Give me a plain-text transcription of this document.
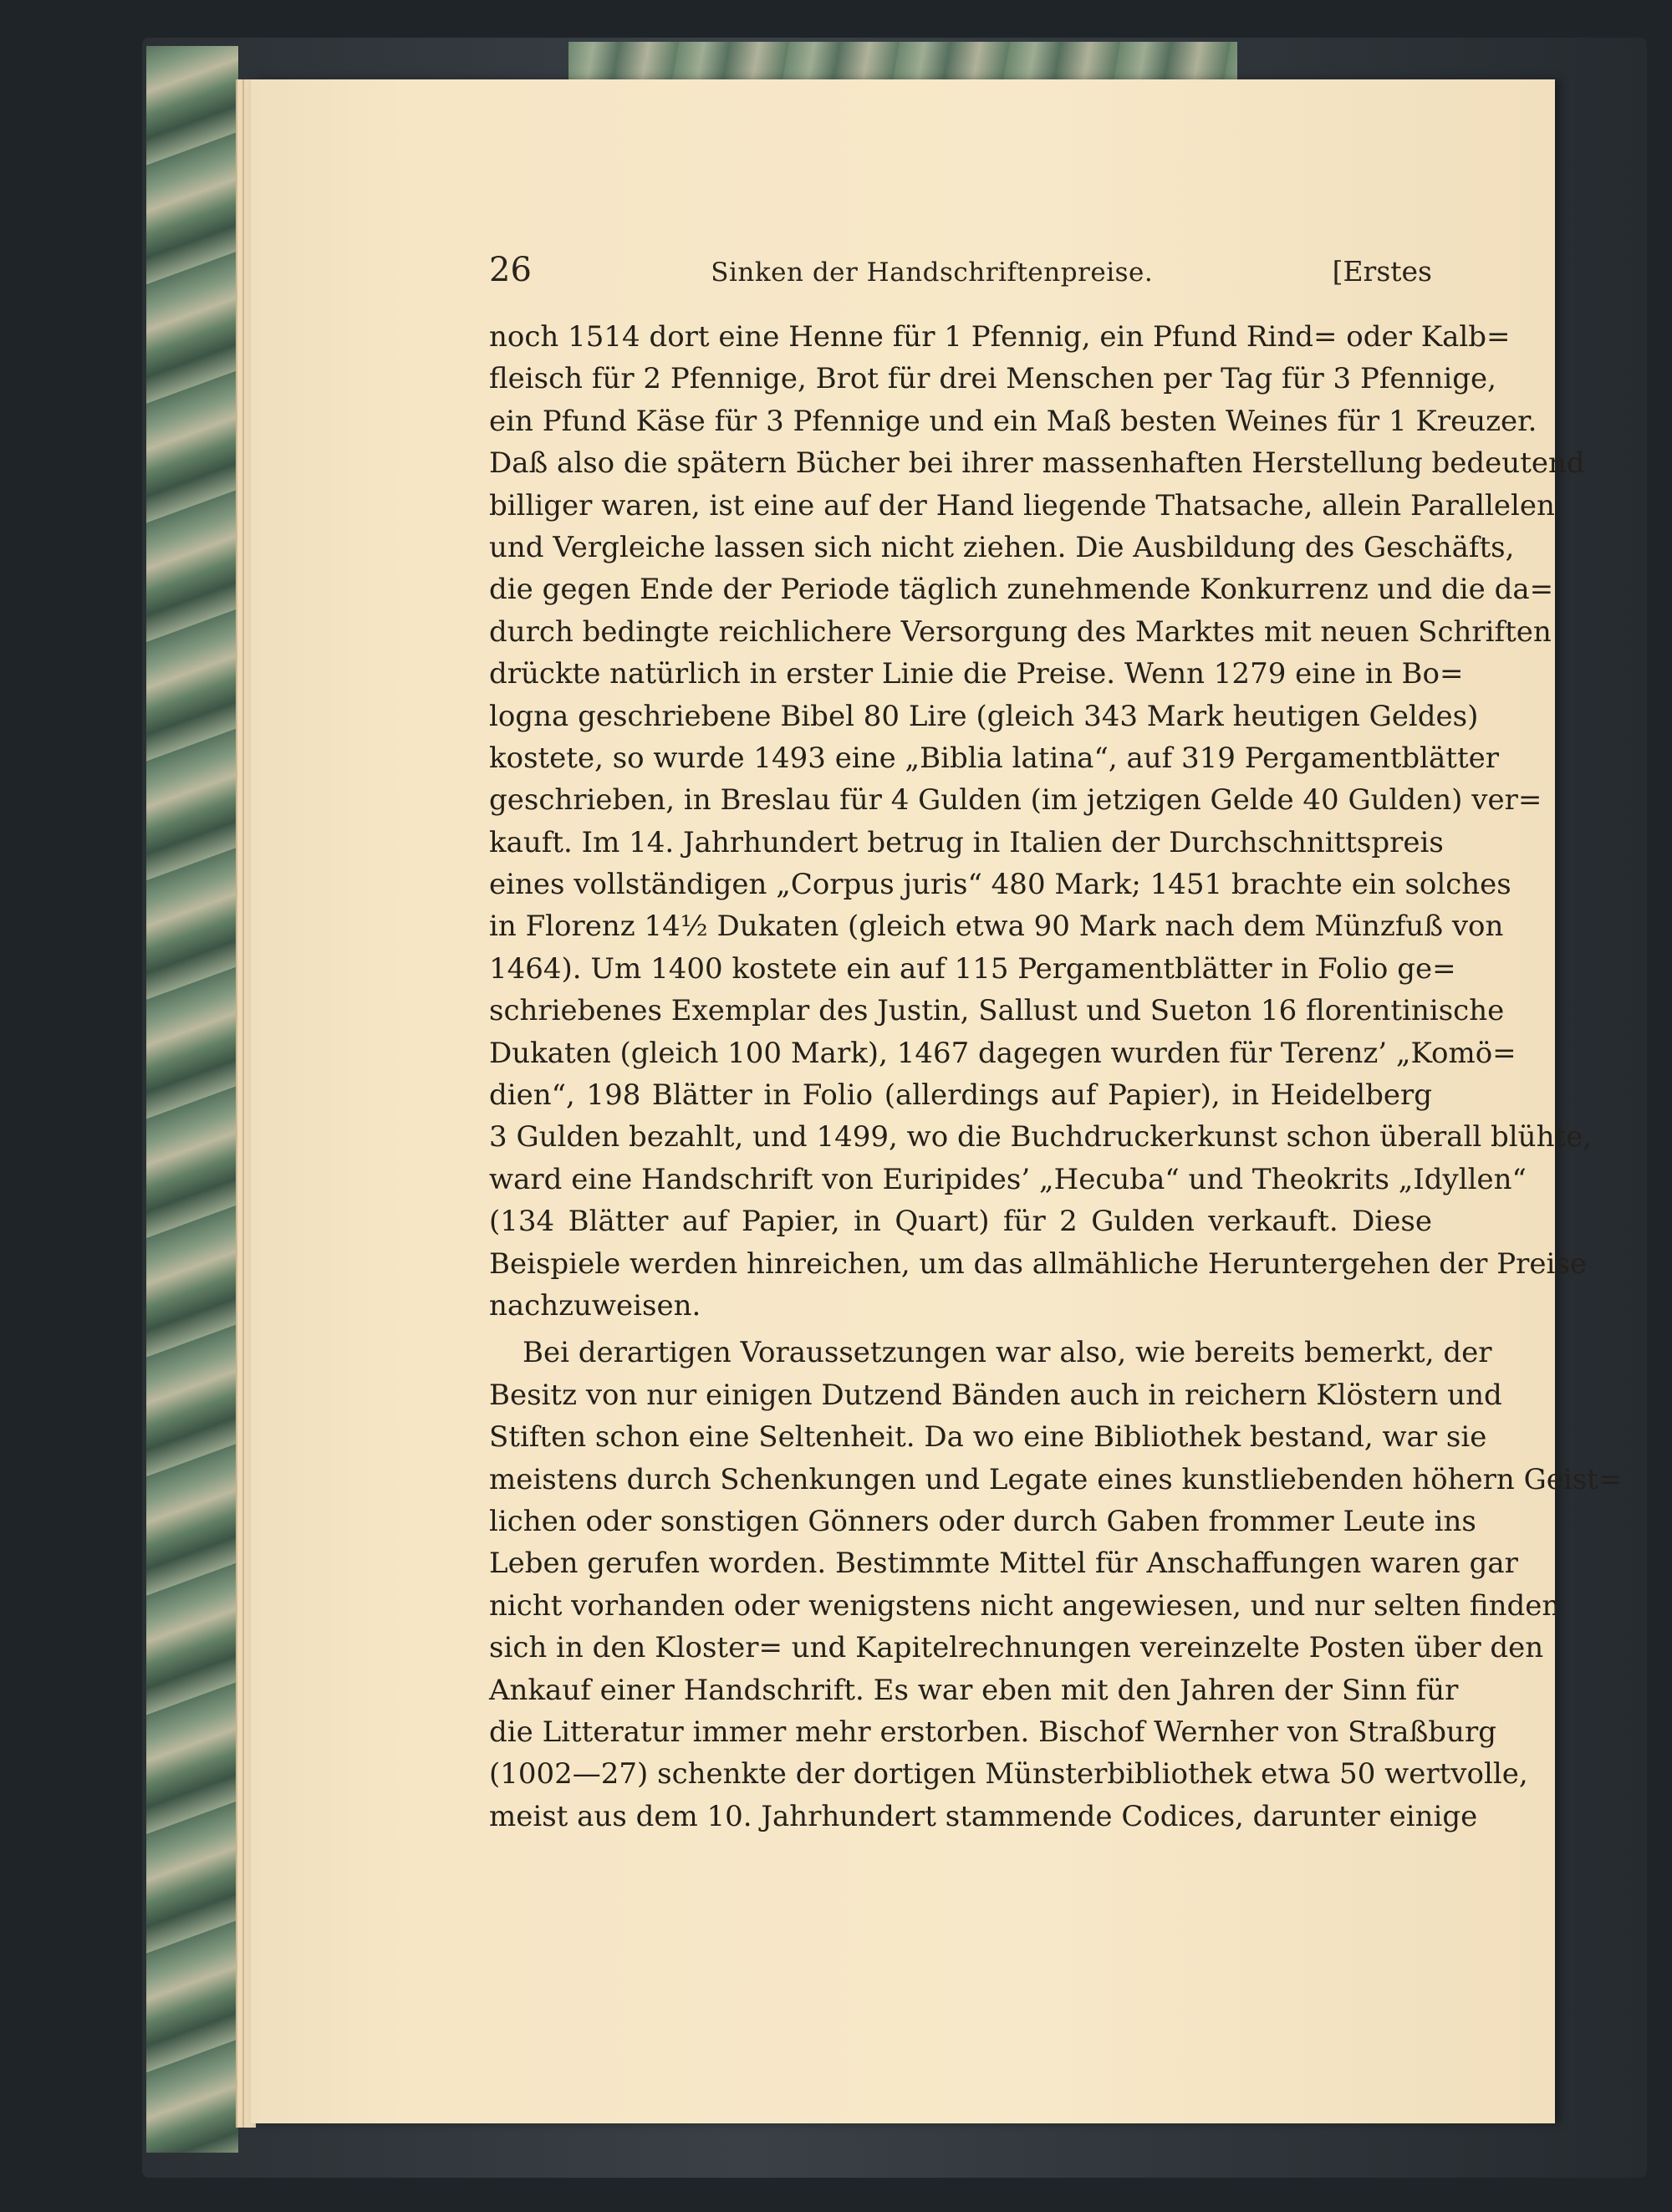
26	Sinken der Handschriftenpreise.	[Erstes
noch 1514 dort eine Henne für 1 Pfennig, ein Pfund Rind= oder Kalb=
fleisch für 2 Pfennige, Brot für drei Menschen per Tag für 3 Pfennige,
ein Pfund Käse für 3 Pfennige und ein Maß besten Weines für 1 Kreuzer.
Daß also die spätern Bücher bei ihrer massenhaften Herstellung bedeutend
billiger waren, ist eine auf der Hand liegende Thatsache, allein Parallelen
und Vergleiche lassen sich nicht ziehen. Die Ausbildung des Geschäfts,
die gegen Ende der Periode täglich zunehmende Konkurrenz und die da=
durch bedingte reichlichere Versorgung des Marktes mit neuen Schriften
drückte natürlich in erster Linie die Preise. Wenn 1279 eine in Bo=
logna geschriebene Bibel 80 Lire (gleich 343 Mark heutigen Geldes)
kostete, so wurde 1493 eine „Biblia latina“, auf 319 Pergamentblätter
geschrieben, in Breslau für 4 Gulden (im jetzigen Gelde 40 Gulden) ver=
kauft. Im 14. Jahrhundert betrug in Italien der Durchschnittspreis
eines vollständigen „Corpus juris“ 480 Mark; 1451 brachte ein solches
in Florenz 14½ Dukaten (gleich etwa 90 Mark nach dem Münzfuß von
1464). Um 1400 kostete ein auf 115 Pergamentblätter in Folio ge=
schriebenes Exemplar des Justin, Sallust und Sueton 16 florentinische
Dukaten (gleich 100 Mark), 1467 dagegen wurden für Terenz’ „Komö=
dien“, 198 Blätter in Folio (allerdings auf Papier), in Heidelberg
3 Gulden bezahlt, und 1499, wo die Buchdruckerkunst schon überall blühte,
ward eine Handschrift von Euripides’ „Hecuba“ und Theokrits „Idyllen“
(134 Blätter auf Papier, in Quart) für 2 Gulden verkauft. Diese
Beispiele werden hinreichen, um das allmähliche Heruntergehen der Preise
nachzuweisen.
Bei derartigen Voraussetzungen war also, wie bereits bemerkt, der
Besitz von nur einigen Dutzend Bänden auch in reichern Klöstern und
Stiften schon eine Seltenheit. Da wo eine Bibliothek bestand, war sie
meistens durch Schenkungen und Legate eines kunstliebenden höhern Geist=
lichen oder sonstigen Gönners oder durch Gaben frommer Leute ins
Leben gerufen worden. Bestimmte Mittel für Anschaffungen waren gar
nicht vorhanden oder wenigstens nicht angewiesen, und nur selten finden
sich in den Kloster= und Kapitelrechnungen vereinzelte Posten über den
Ankauf einer Handschrift. Es war eben mit den Jahren der Sinn für
die Litteratur immer mehr erstorben. Bischof Wernher von Straßburg
(1002—27) schenkte der dortigen Münsterbibliothek etwa 50 wertvolle,
meist aus dem 10. Jahrhundert stammende Codices, darunter einige
